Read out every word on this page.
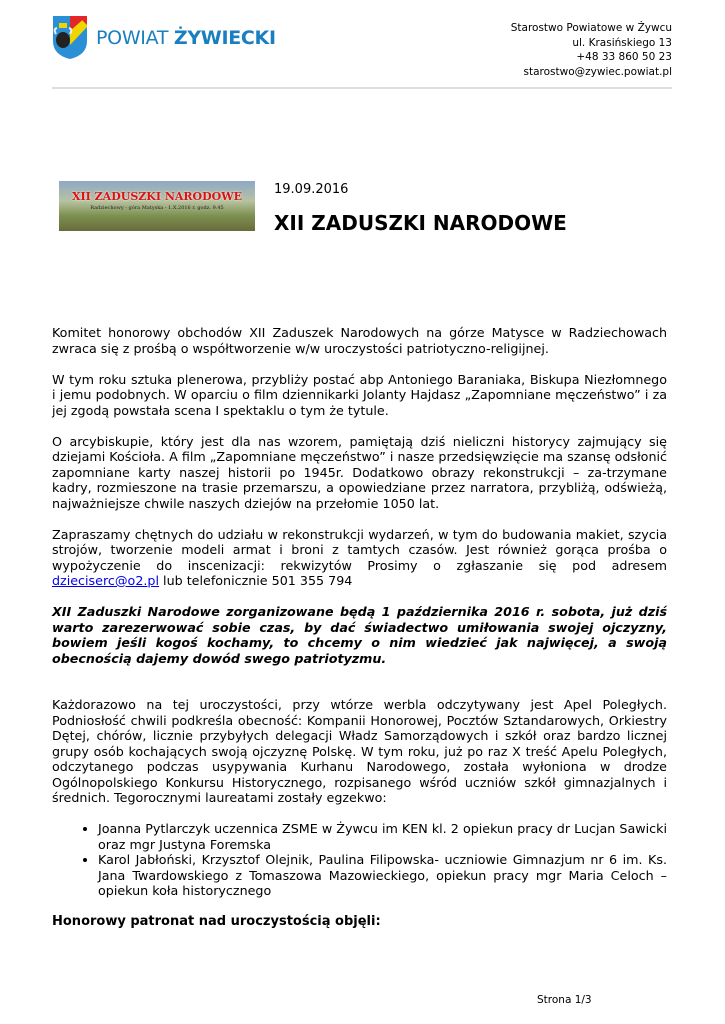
POWIAT ŻYWIECKI	Starostwo Powiatowe w Żywcu
ul. Krasińskiego 13
+48 33 860 50 23
starostwo@zywiec.powiat.pl
XII ZADUSZKI NARODOWE
Radziechowy - góra Matyska - 1.X.2016 r. godz. 9.45
19.09.2016
XII ZADUSZKI NARODOWE

Komitet honorowy obchodów XII Zaduszek Narodowych na górze Matysce w Radziechowach zwraca się z prośbą o współtworzenie w/w uroczystości patriotyczno-religijnej.

W tym roku sztuka plenerowa, przybliży postać abp Antoniego Baraniaka, Biskupa Niezłomnego i jemu podobnych. W oparciu o film dziennikarki Jolanty Hajdasz „Zapomniane męczeństwo” i za jej zgodą powstała scena I spektaklu o tym że tytule.

O arcybiskupie, który jest dla nas wzorem, pamiętają dziś nieliczni historycy zajmujący się dziejami Kościoła. A film „Zapomniane męczeństwo” i nasze przedsięwzięcie ma szansę odsłonić zapomniane karty naszej historii po 1945r. Dodatkowo obrazy rekonstrukcji – za-trzymane kadry, rozmieszone na trasie przemarszu, a opowiedziane przez narratora, przybliżą, odświeżą, najważniejsze chwile naszych dziejów na przełomie 1050 lat.

Zapraszamy chętnych do udziału w rekonstrukcji wydarzeń, w tym do budowania makiet, szycia strojów, tworzenie modeli armat i broni z tamtych czasów. Jest również gorąca prośba o wypożyczenie do inscenizacji: rekwizytów Prosimy o zgłaszanie się pod adresem dzieciserc@o2.pl lub telefonicznie 501 355 794

XII Zaduszki Narodowe zorganizowane będą 1 października 2016 r. sobota, już dziś warto zarezerwować sobie czas, by dać świadectwo umiłowania swojej ojczyzny, bowiem jeśli kogoś kochamy, to chcemy o nim wiedzieć jak najwięcej, a swoją obecnością dajemy dowód swego patriotyzmu.

Każdorazowo na tej uroczystości, przy wtórze werbla odczytywany jest Apel Poległych. Podniosłość chwili podkreśla obecność: Kompanii Honorowej, Pocztów Sztandarowych, Orkiestry Dętej, chórów, licznie przybyłych delegacji Władz Samorządowych i szkół oraz bardzo licznej grupy osób kochających swoją ojczyznę Polskę. W tym roku, już po raz X treść Apelu Poległych, odczytanego podczas usypywania Kurhanu Narodowego, została wyłoniona w drodze Ogólnopolskiego Konkursu Historycznego, rozpisanego wśród uczniów szkół gimnazjalnych i średnich. Tegorocznymi laureatami zostały egzekwo:

• Joanna Pytlarczyk uczennica ZSME w Żywcu im KEN kl. 2 opiekun pracy dr Lucjan Sawicki oraz mgr Justyna Foremska
• Karol Jabłoński, Krzysztof Olejnik, Paulina Filipowska- uczniowie Gimnazjum nr 6 im. Ks. Jana Twardowskiego z Tomaszowa Mazowieckiego, opiekun pracy mgr Maria Celoch – opiekun koła historycznego
Honorowy patronat nad uroczystością objęli:
Strona 1/3
